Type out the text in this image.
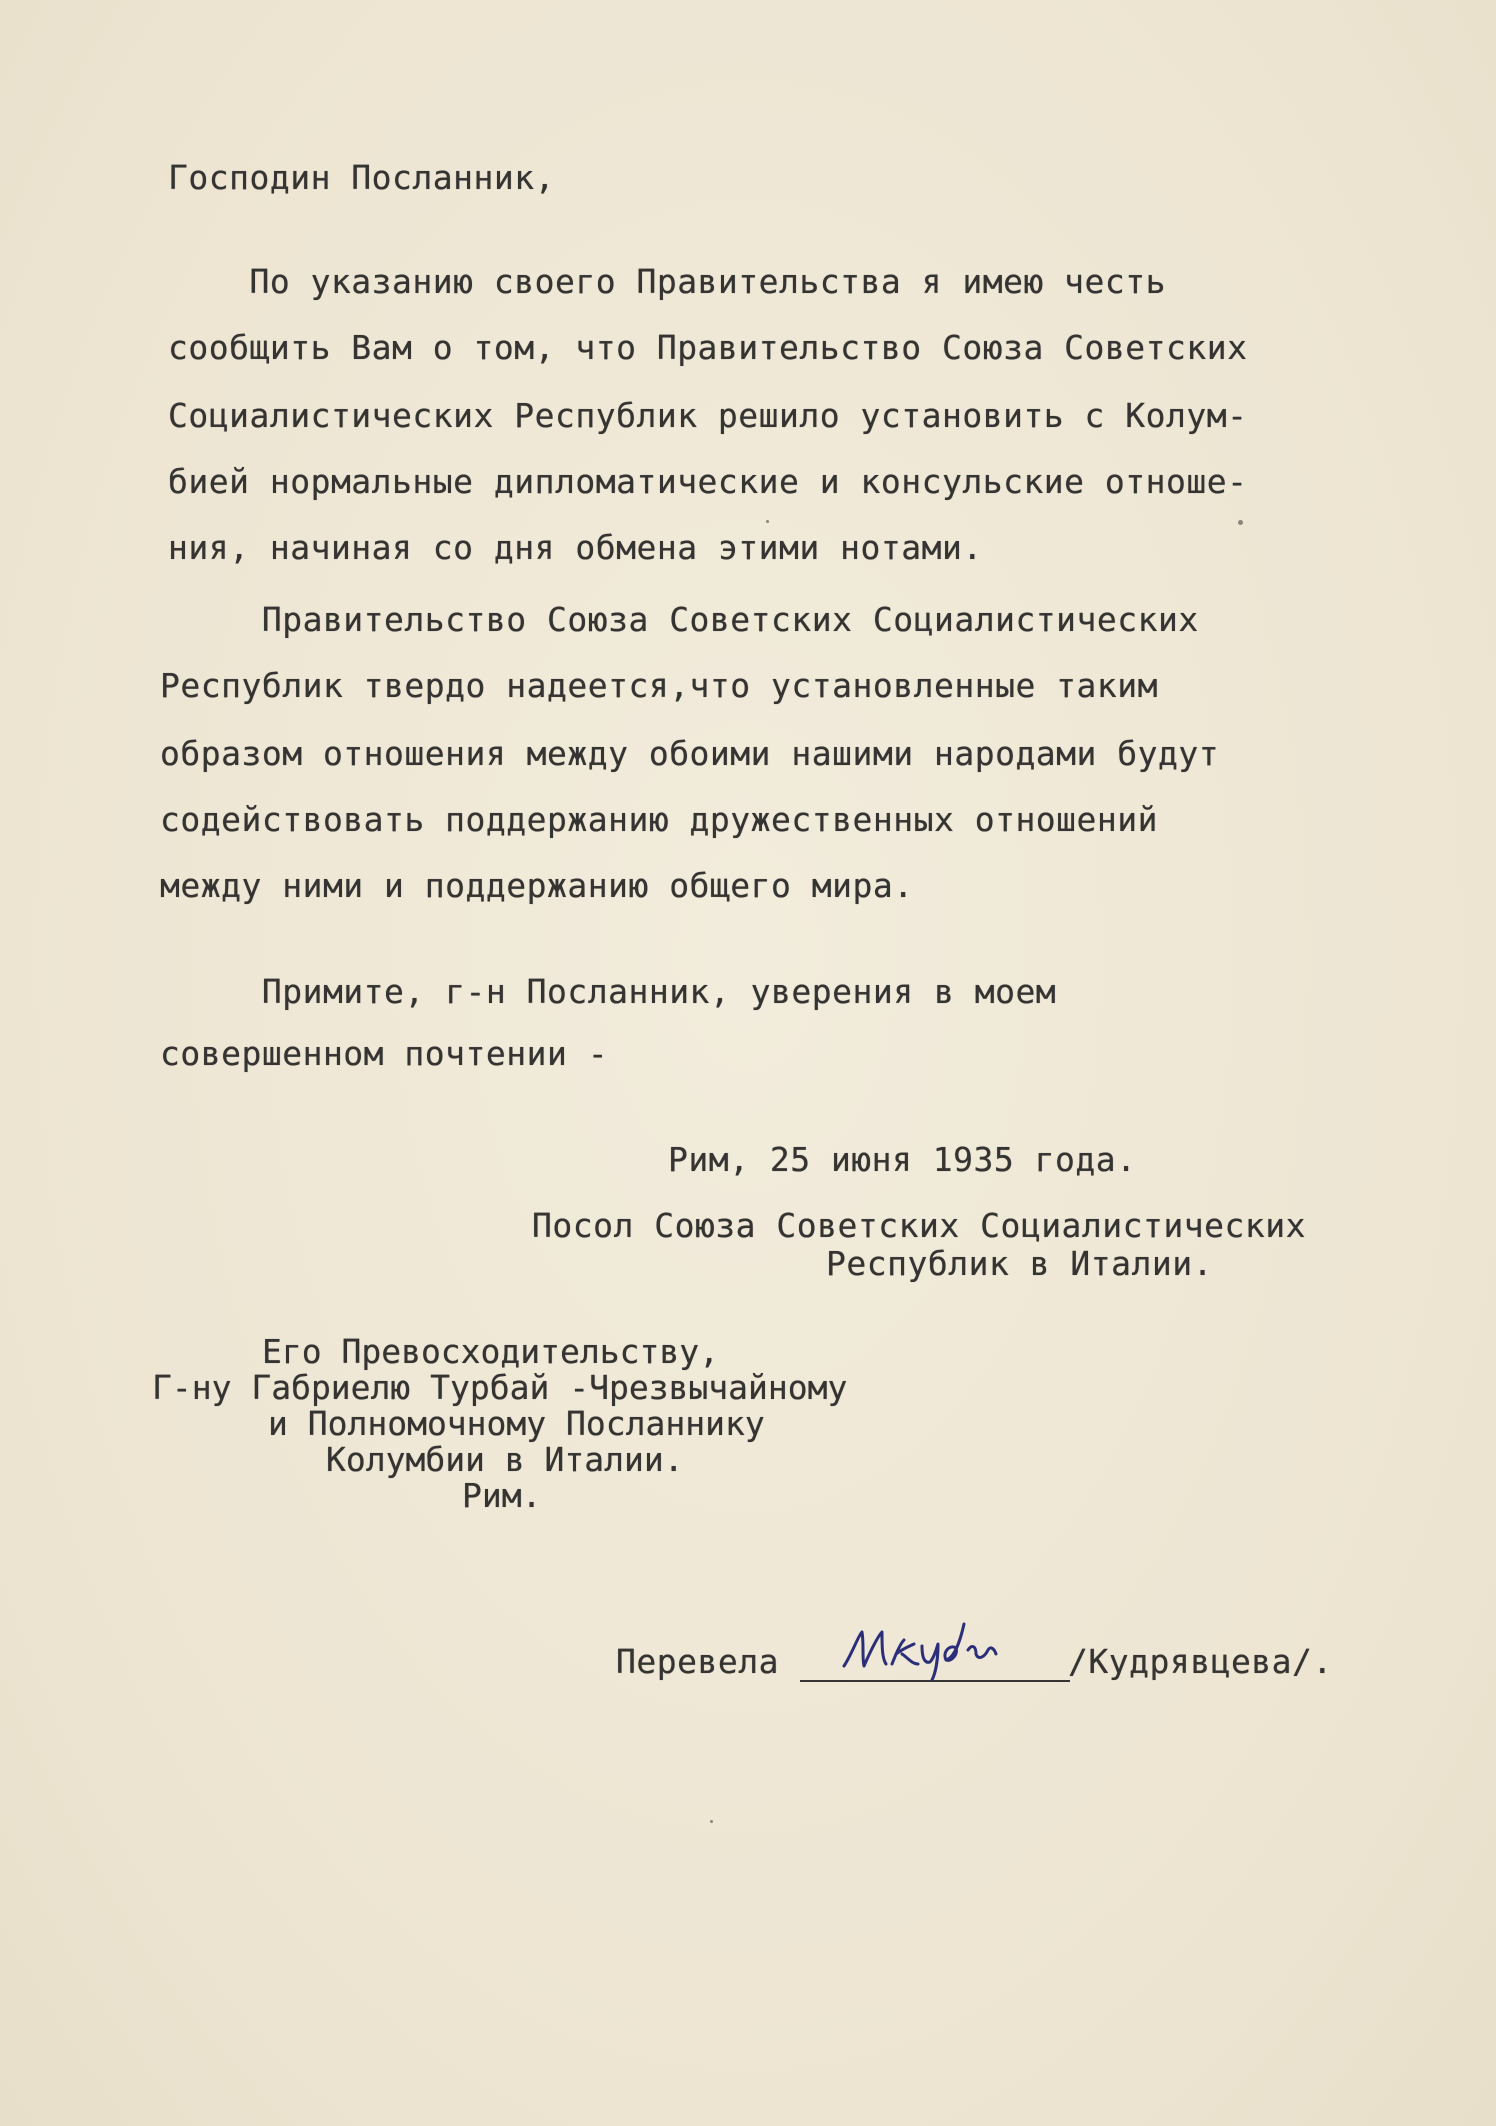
Господин Посланник,

По указанию своего Правительства я имею честь

сообщить Вам о том, что Правительство Союза Советских

Социалистических Республик решило установить с Колум-

бией нормальные дипломатические и консульские отноше-

ния, начиная со дня обмена этими нотами.

Правительство Союза Советских Социалистических

Республик твердо надеется,что установленные таким

образом отношения между обоими нашими народами будут

содействовать поддержанию дружественных отношений

между ними и поддержанию общего мира.

Примите, г-н Посланник, уверения в моем

совершенном почтении -

Рим, 25 июня 1935 года.
Посол Союза Советских Социалистических
Республик в Италии.
Его Превосходительству,
Г-ну Габриелю Турбай -Чрезвычайному
и Полномочному Посланнику
Колумбии в Италии.
Рим.
Перевела	/Кудрявцева/.
